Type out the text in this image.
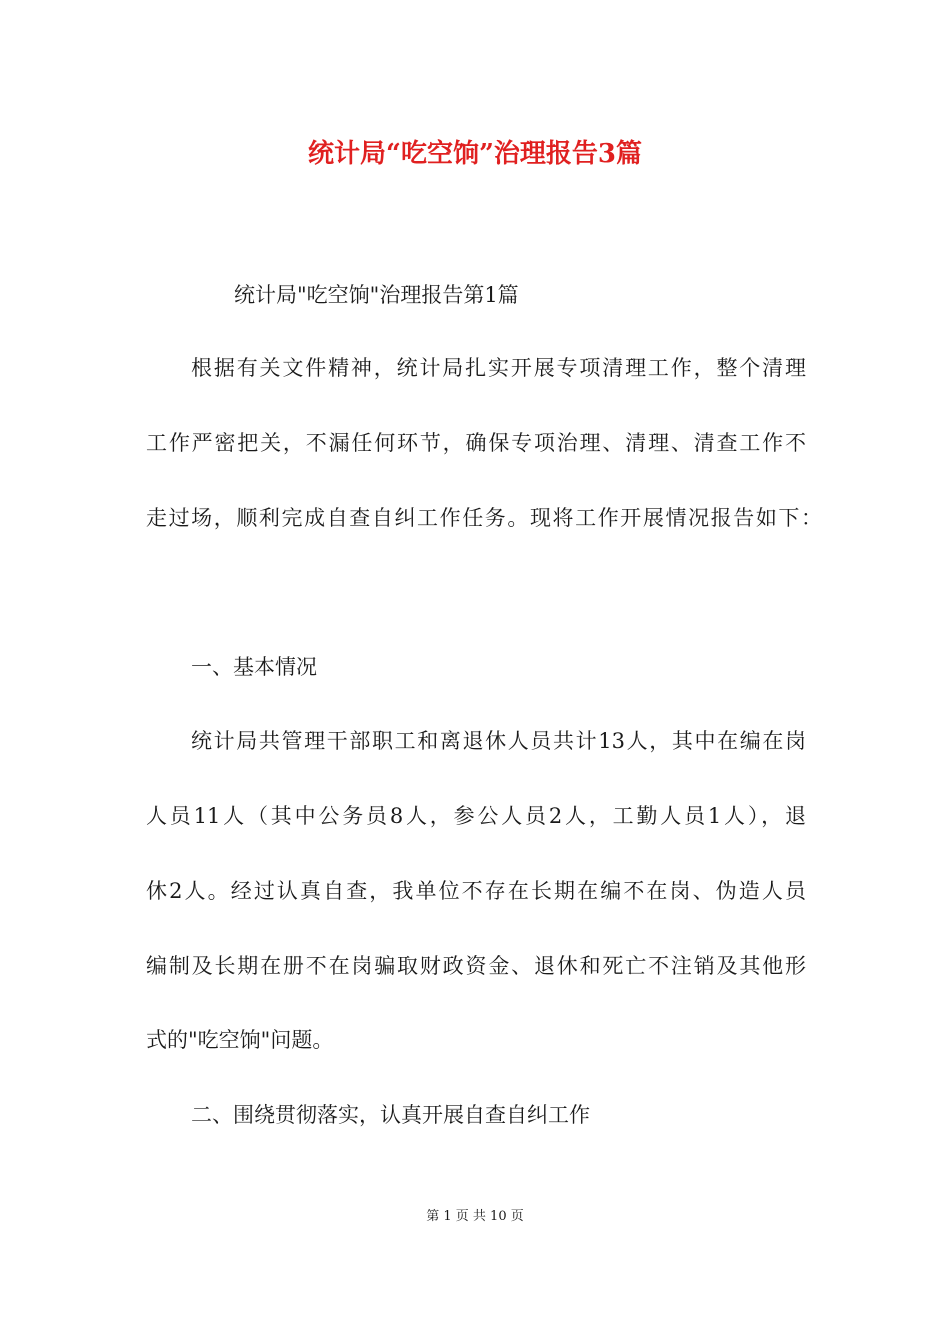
统计局“吃空饷”治理报告3篇
统计局"吃空饷"治理报告第1篇
根据有关文件精神，统计局扎实开展专项清理工作，整个清理
工作严密把关，不漏任何环节，确保专项治理、清理、清查工作不
走过场，顺利完成自查自纠工作任务。现将工作开展情况报告如下：
一、基本情况
统计局共管理干部职工和离退休人员共计13人，其中在编在岗
人员11人（其中公务员8人，参公人员2人，工勤人员1人），退
休2人。经过认真自查，我单位不存在长期在编不在岗、伪造人员
编制及长期在册不在岗骗取财政资金、退休和死亡不注销及其他形
式的"吃空饷"问题。
二、围绕贯彻落实，认真开展自查自纠工作
第 1 页 共 10 页
